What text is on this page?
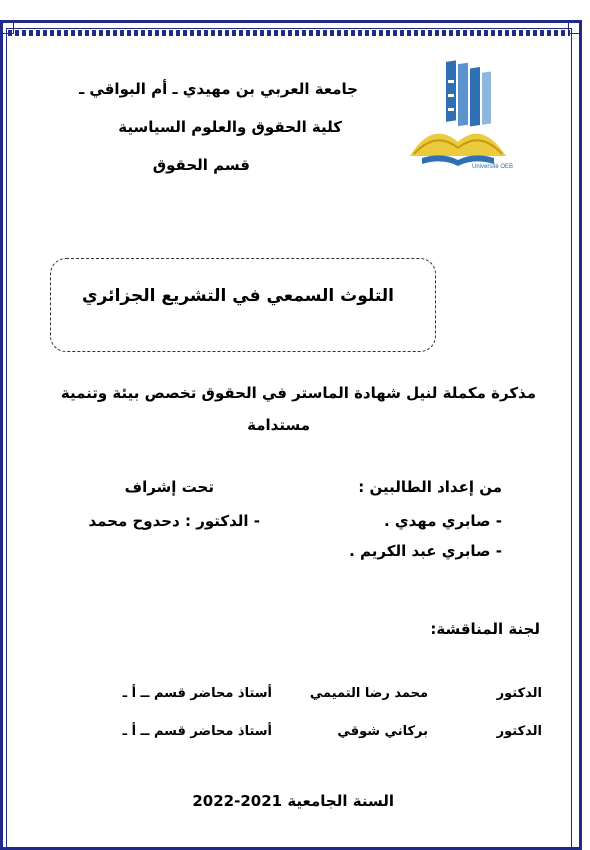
Université OEB
جامعة العربي بن مهيدي ـ أم البواقي ـ
كلية الحقوق والعلوم السياسية
قسم الحقوق
التلوث السمعي في التشريع الجزائري
مذكرة مكملة لنيل شهادة الماستر في الحقوق تخصص بيئة وتنمية
مستدامة
من إعداد الطالبين :
- صابري مهدي .
- صابري عبد الكريم .
تحت إشراف
- الدكتور : دحدوح محمد
لجنة المناقشة:
الدكتور
محمد رضا التميمي
أستاذ محاضر قسم ــ أ ـ
الدكتور
بركاني شوقي
أستاذ محاضر قسم ــ أ ـ
السنة الجامعية 2021-2022
